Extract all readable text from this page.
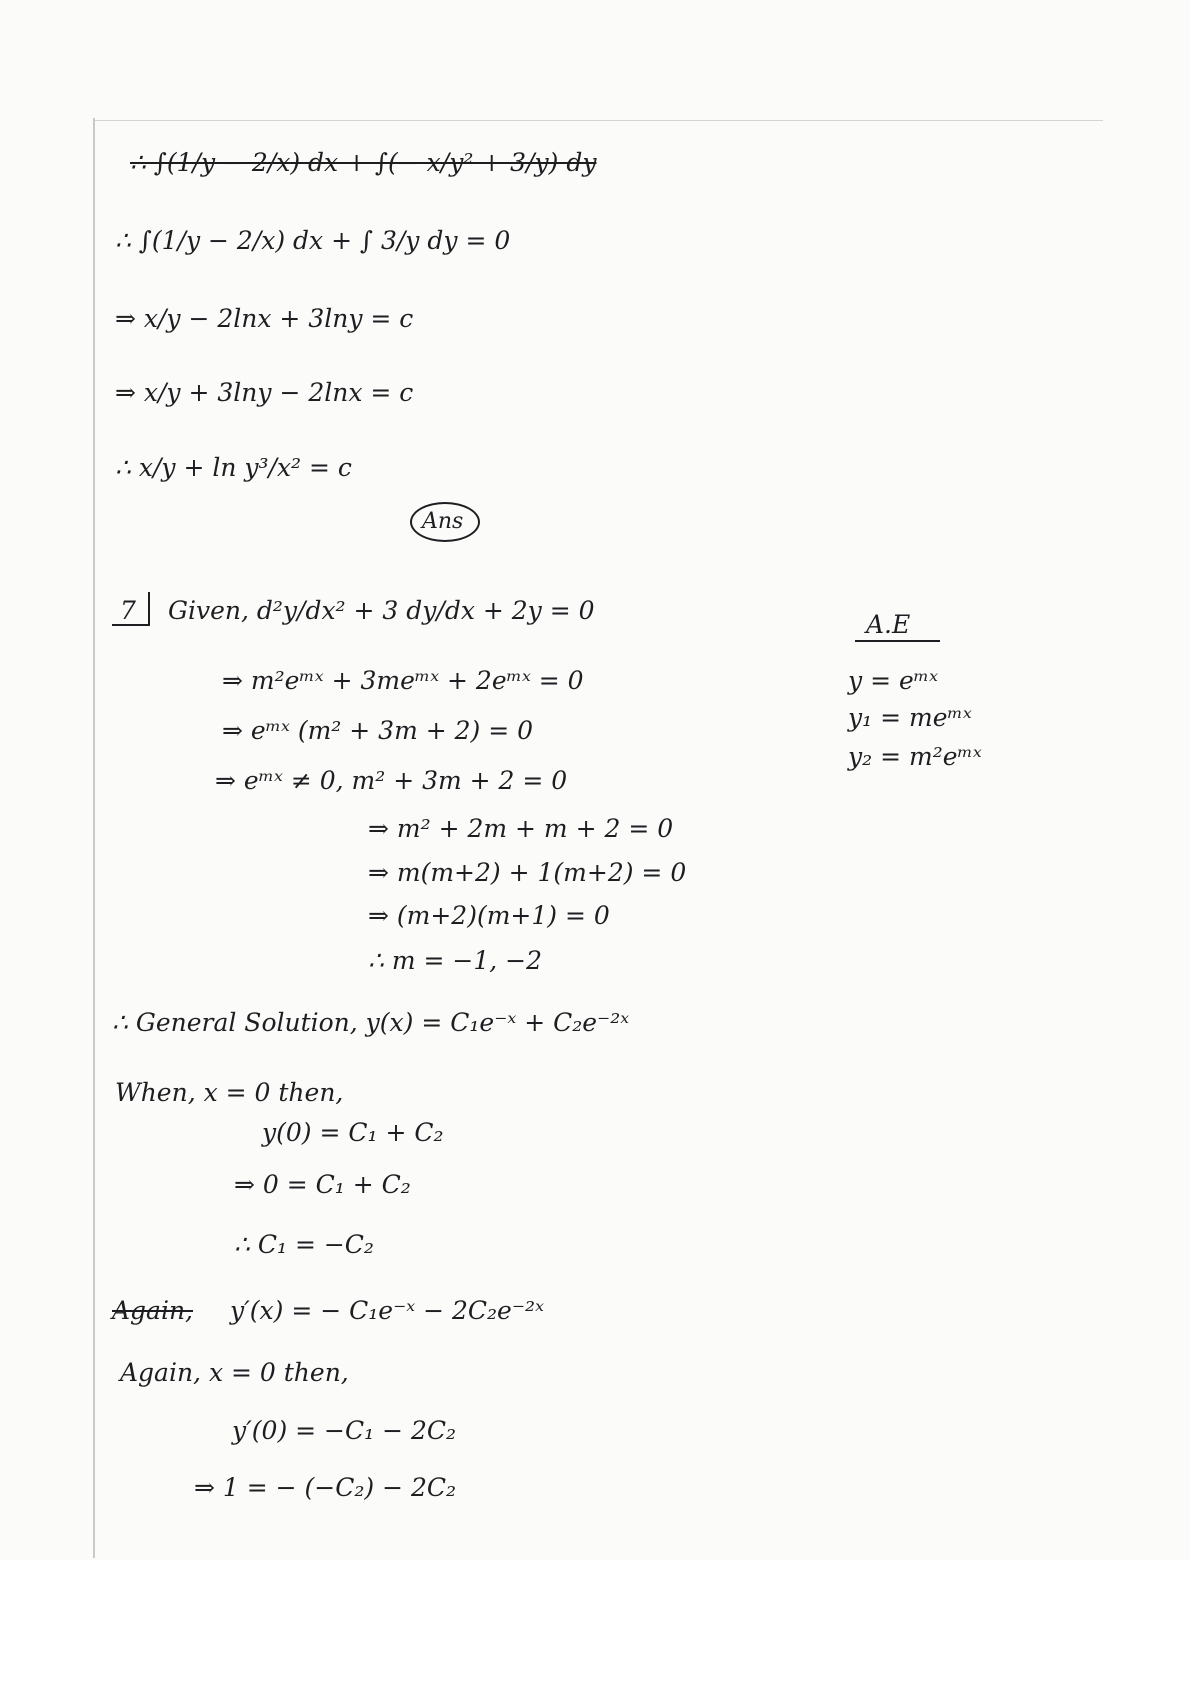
∴ ∫(1/y − 2/x) dx + ∫(− x/y² + 3/y) dy
∴ ∫(1/y − 2/x) dx + ∫ 3/y dy = 0
⇒ x/y − 2lnx + 3lny = c
⇒ x/y + 3lny − 2lnx = c
∴ x/y + ln y³/x² = c
Ans
7 Given, d²y/dx² + 3 dy/dx + 2y = 0
⇒ m²eᵐˣ + 3meᵐˣ + 2eᵐˣ = 0
⇒ eᵐˣ (m² + 3m + 2) = 0
⇒ eᵐˣ ≠ 0, m² + 3m + 2 = 0
⇒ m² + 2m + m + 2 = 0
⇒ m(m+2) + 1(m+2) = 0
⇒ (m+2)(m+1) = 0
∴ m = −1, −2
∴ General Solution, y(x) = C₁e⁻ˣ + C₂e⁻²ˣ
When, x = 0 then,
y(0) = C₁ + C₂
⇒ 0 = C₁ + C₂
∴ C₁ = −C₂
Again, y′(x) = − C₁e⁻ˣ − 2C₂e⁻²ˣ
Again, x = 0 then,
y′(0) = −C₁ − 2C₂
⇒ 1 = − (−C₂) − 2C₂
A.E
y = eᵐˣ
y₁ = meᵐˣ
y₂ = m²eᵐˣ
